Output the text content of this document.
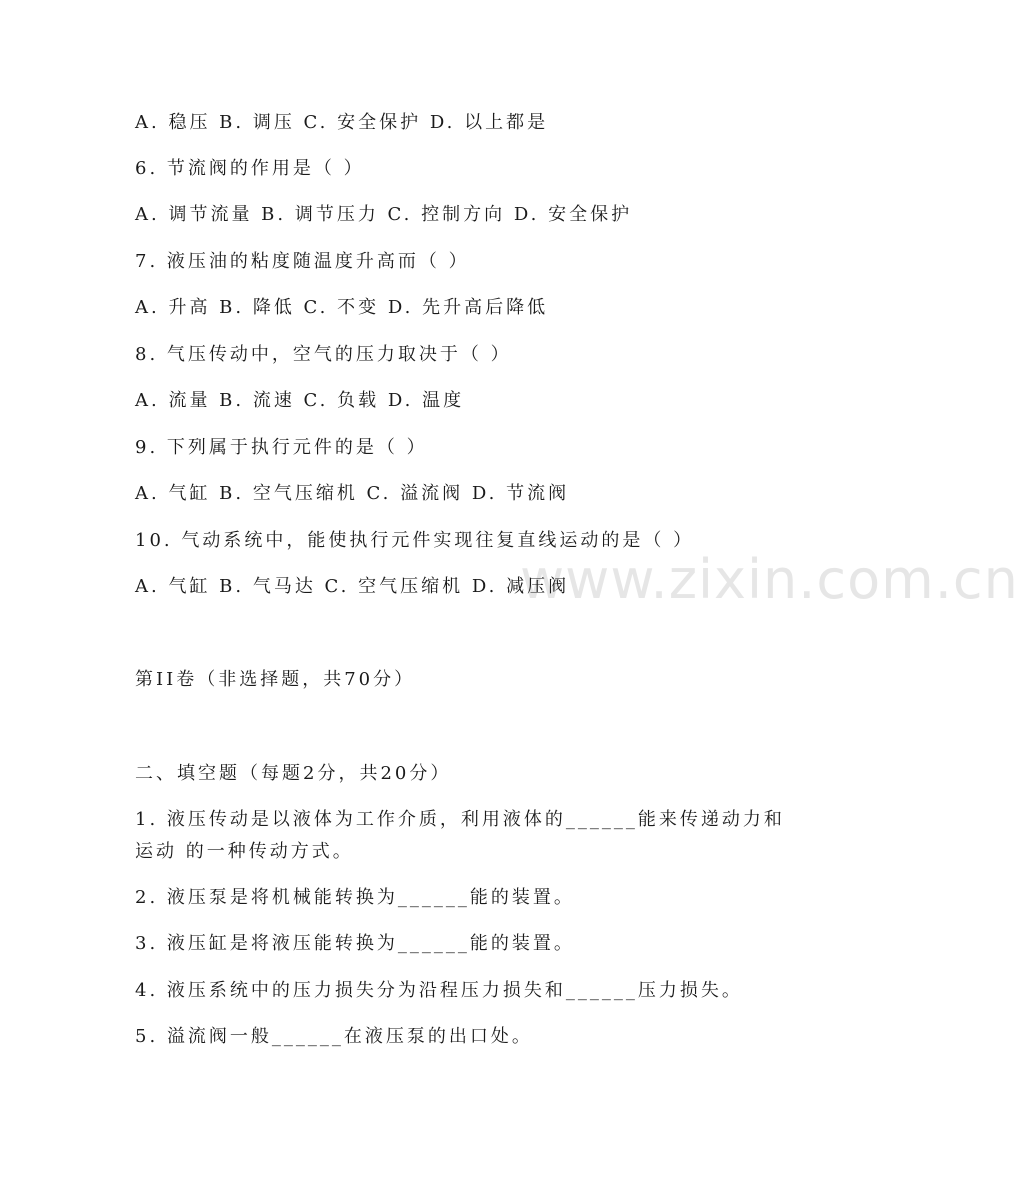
www.zixin.com.cn
A. 稳压 B. 调压 C. 安全保护 D. 以上都是
6. 节流阀的作用是（ ）
A. 调节流量 B. 调节压力 C. 控制方向 D. 安全保护
7. 液压油的粘度随温度升高而（ ）
A. 升高 B. 降低 C. 不变 D. 先升高后降低
8. 气压传动中，空气的压力取决于（ ）
A. 流量 B. 流速 C. 负载 D. 温度
9. 下列属于执行元件的是（ ）
A. 气缸 B. 空气压缩机 C. 溢流阀 D. 节流阀
10. 气动系统中，能使执行元件实现往复直线运动的是（ ）
A. 气缸 B. 气马达 C. 空气压缩机 D. 减压阀
第II卷（非选择题，共70分）
二、填空题（每题2分，共20分）
1. 液压传动是以液体为工作介质，利用液体的______能来传递动力和
运动 的一种传动方式。
2. 液压泵是将机械能转换为______能的装置。
3. 液压缸是将液压能转换为______能的装置。
4. 液压系统中的压力损失分为沿程压力损失和______压力损失。
5. 溢流阀一般______在液压泵的出口处。
